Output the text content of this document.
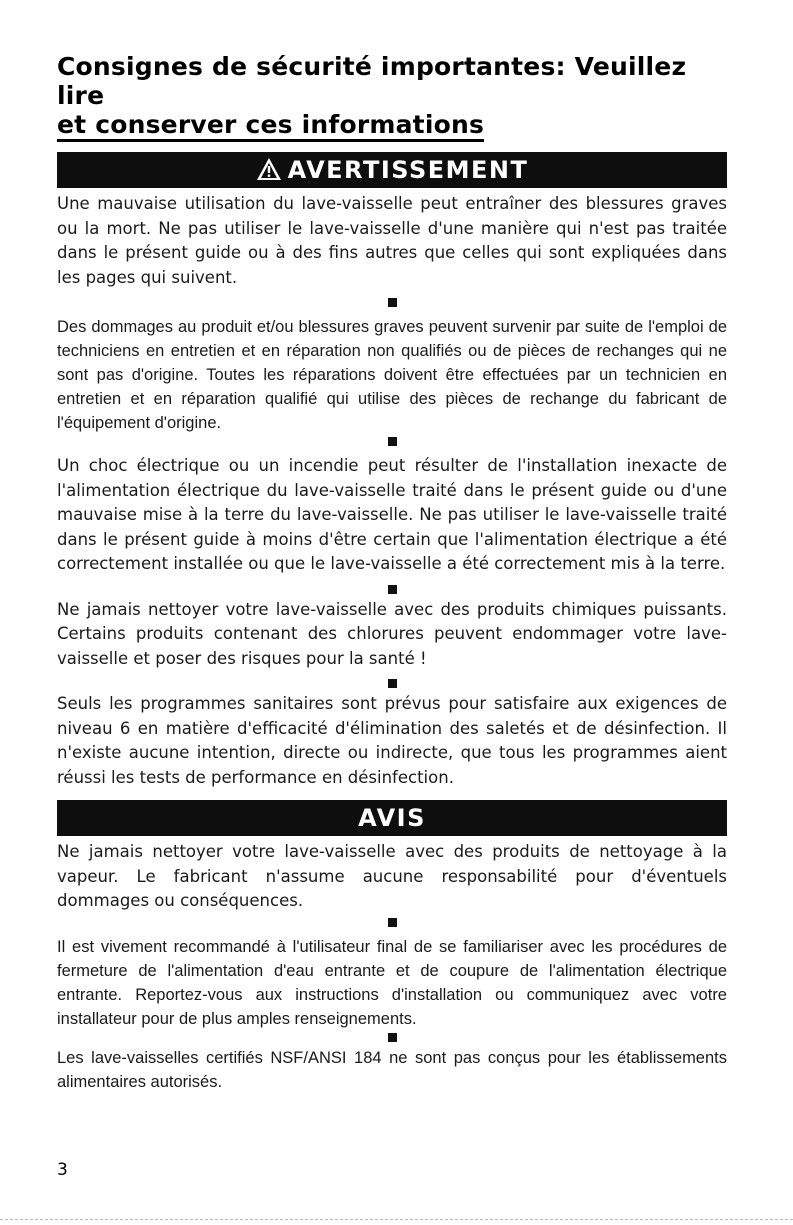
Consignes de sécurité importantes: Veuillez lire
et conserver ces informations
AVERTISSEMENT

Une mauvaise utilisation du lave-vaisselle peut entraîner des blessures graves ou la mort. Ne pas utiliser le lave-vaisselle d'une manière qui n'est pas traitée dans le présent guide ou à des fins autres que celles qui sont expliquées dans les pages qui suivent.

Des dommages au produit et/ou blessures graves peuvent survenir par suite de l'emploi de techniciens en entretien et en réparation non qualifiés ou de pièces de rechanges qui ne sont pas d'origine. Toutes les réparations doivent être effectuées par un technicien en entretien et en réparation qualifié qui utilise des pièces de rechange du fabricant de l'équipement d'origine.

Un choc électrique ou un incendie peut résulter de l'installation inexacte de l'alimentation électrique du lave-vaisselle traité dans le présent guide ou d'une mauvaise mise à la terre du lave-vaisselle. Ne pas utiliser le lave-vaisselle traité dans le présent guide à moins d'être certain que l'alimentation électrique a été correctement installée ou que le lave-vaisselle a été correctement mis à la terre.

Ne jamais nettoyer votre lave-vaisselle avec des produits chimiques puissants. Certains produits contenant des chlorures peuvent endommager votre lave-vaisselle et poser des risques pour la santé !

Seuls les programmes sanitaires sont prévus pour satisfaire aux exigences de niveau 6 en matière d'efficacité d'élimination des saletés et de désinfection. Il n'existe aucune intention, directe ou indirecte, que tous les programmes aient réussi les tests de performance en désinfection.

AVIS

Ne jamais nettoyer votre lave-vaisselle avec des produits de nettoyage à la vapeur. Le fabricant n'assume aucune responsabilité pour d'éventuels dommages ou conséquences.

Il est vivement recommandé à l'utilisateur final de se familiariser avec les procédures de fermeture de l'alimentation d'eau entrante et de coupure de l'alimentation électrique entrante. Reportez-vous aux instructions d'installation ou communiquez avec votre installateur pour de plus amples renseignements.

Les lave-vaisselles certifiés NSF/ANSI 184 ne sont pas conçus pour les établissements alimentaires autorisés.

3
